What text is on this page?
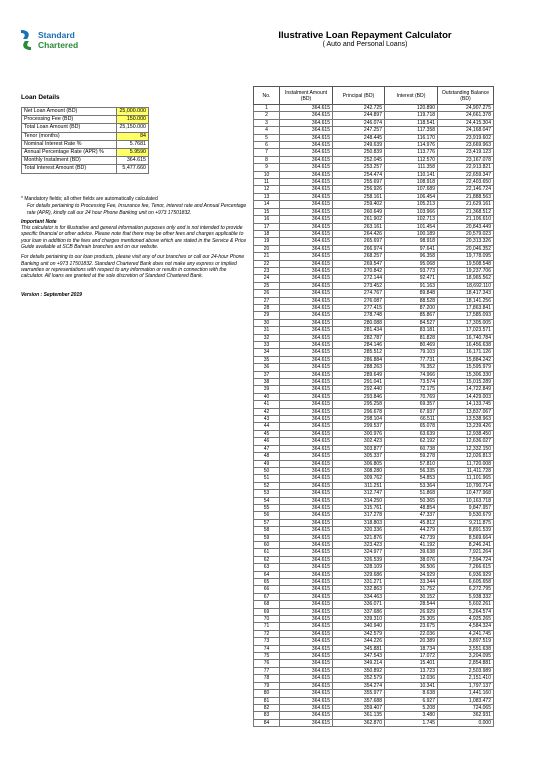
Standard
Chartered
Ilustrative Loan Repayment Calculator
( Auto and Personal Loans)
Loan Details
Net Loan Amount (BD)	25,000.000
Processing Fee (BD)	150.000
Total Loan Amount (BD)	25,150.000
Tenor (months)	84
Nominal Interest Rate %	5.7681
Annual Percentage Rate (APR) %	5.9590
Monthly Instalment (BD)	364.615
Total Interest Amount (BD)	5,477.660

* Mandatory fields; all other fields are automatically calculated

For details pertaining to Processing Fee, Insurance fee, Tenor, interest rate and Annual Percentage rate (APR), kindly call our 24 hour Phone Banking unit on +973 17501832.

Important Note

This calculator is for illustrative and general information purposes only and is not intended to provide specific financial or other advice. Please note that there may be other fees and charges applicable to your loan in addition to the fees and charges mentioned above which are stated in the Service & Price Guide available at SCB Bahrain branches and on our website.

For details pertaining to our loan products, please visit any of our branches or call our 24-hour Phone Banking unit on +973 17501832. Standard Chartered Bank does not make any express or implied warranties or representations with respect to any information or results in connection with the calculator. All loans are granted at the sole discretion of Standard Chartered Bank.

Version : September 2019
No.	Instalment Amount (BD)	Principal (BD)	Interest (BD)	Outstanding Balance (BD)
1	364.615	242.725	120.890	24,907.275
2	364.615	244.897	119.718	24,661.378
3	364.615	246.074	118.541	24,415.304
4	364.615	247.257	117.358	24,168.047
5	364.615	248.445	116.170	23,919.602
6	364.615	249.639	114.976	23,669.963
7	364.615	250.839	113.776	23,419.123
8	364.615	252.045	112.570	23,167.078
9	364.615	253.257	111.358	22,913.821
10	364.615	254.474	110.141	22,659.347
11	364.615	255.697	108.918	22,403.650
12	364.615	256.926	107.689	22,146.724
13	364.615	258.161	106.454	21,888.563
14	364.615	259.402	105.213	21,629.161
15	364.615	260.649	103.966	21,368.512
16	364.615	261.902	102.713	21,106.610
17	364.615	263.161	101.454	20,843.449
18	364.615	264.426	100.189	20,579.023
19	364.615	265.697	98.918	20,313.326
20	364.615	266.974	97.641	20,046.352
21	364.615	268.257	96.358	19,778.095
22	364.615	269.547	95.068	19,508.548
23	364.615	270.842	93.773	19,237.706
24	364.615	272.144	92.471	18,965.562
25	364.615	273.452	91.163	18,692.110
26	364.615	274.767	89.848	18,417.343
27	364.615	276.087	88.528	18,141.256
28	364.615	277.415	87.200	17,863.841
29	364.615	278.748	85.867	17,585.093
30	364.615	280.088	84.527	17,305.005
31	364.615	281.434	83.181	17,023.571
32	364.615	282.787	81.828	16,740.784
33	364.615	284.146	80.469	16,456.638
34	364.615	285.512	79.103	16,171.126
35	364.615	286.884	77.731	15,884.242
36	364.615	288.263	76.352	15,595.979
37	364.615	289.649	74.966	15,306.330
38	364.615	291.041	73.574	15,015.289
39	364.615	292.440	72.175	14,722.849
40	364.615	293.846	70.769	14,429.003
41	364.615	295.258	69.357	14,133.745
42	364.615	296.678	67.937	13,837.067
43	364.615	298.104	66.511	13,538.963
44	364.615	299.537	65.078	13,239.426
45	364.615	300.976	63.639	12,938.450
46	364.615	302.423	62.192	12,636.027
47	364.615	303.877	60.738	12,332.150
48	364.615	305.337	59.278	12,026.813
49	364.615	306.805	57.810	11,720.008
50	364.615	308.280	56.335	11,411.728
51	364.615	309.762	54.853	11,101.965
52	364.615	311.251	53.364	10,790.714
53	364.615	312.747	51.868	10,477.968
54	364.615	314.250	50.365	10,163.718
55	364.615	315.761	48.854	9,847.957
56	364.615	317.278	47.337	9,530.679
57	364.615	318.803	45.812	9,211.875
58	364.615	320.336	44.279	8,891.539
59	364.615	321.876	42.739	8,569.664
60	364.615	323.423	41.192	8,246.241
61	364.615	324.977	39.638	7,921.264
62	364.615	326.539	38.076	7,594.724
63	364.615	328.109	36.506	7,266.615
64	364.615	329.686	34.929	6,936.929
65	364.615	331.271	33.344	6,605.658
66	364.615	332.863	31.752	6,272.795
67	364.615	334.463	30.152	5,938.332
68	364.615	336.071	28.544	5,602.261
69	364.615	337.686	26.929	5,264.574
70	364.615	339.310	25.305	4,925.265
71	364.615	340.940	23.675	4,584.324
72	364.615	342.579	22.036	4,241.745
73	364.615	344.226	20.389	3,897.519
74	364.615	345.881	18.734	3,551.638
75	364.615	347.543	17.072	3,204.095
76	364.615	349.214	15.401	2,854.881
77	364.615	350.892	13.723	2,503.989
78	364.615	352.579	12.036	2,151.410
79	364.615	354.274	10.341	1,797.137
80	364.615	355.977	8.638	1,441.160
81	364.615	357.688	6.927	1,083.472
82	364.615	359.407	5.208	724.065
83	364.615	361.135	3.480	362.931
84	364.615	362.870	1.745	0.000
